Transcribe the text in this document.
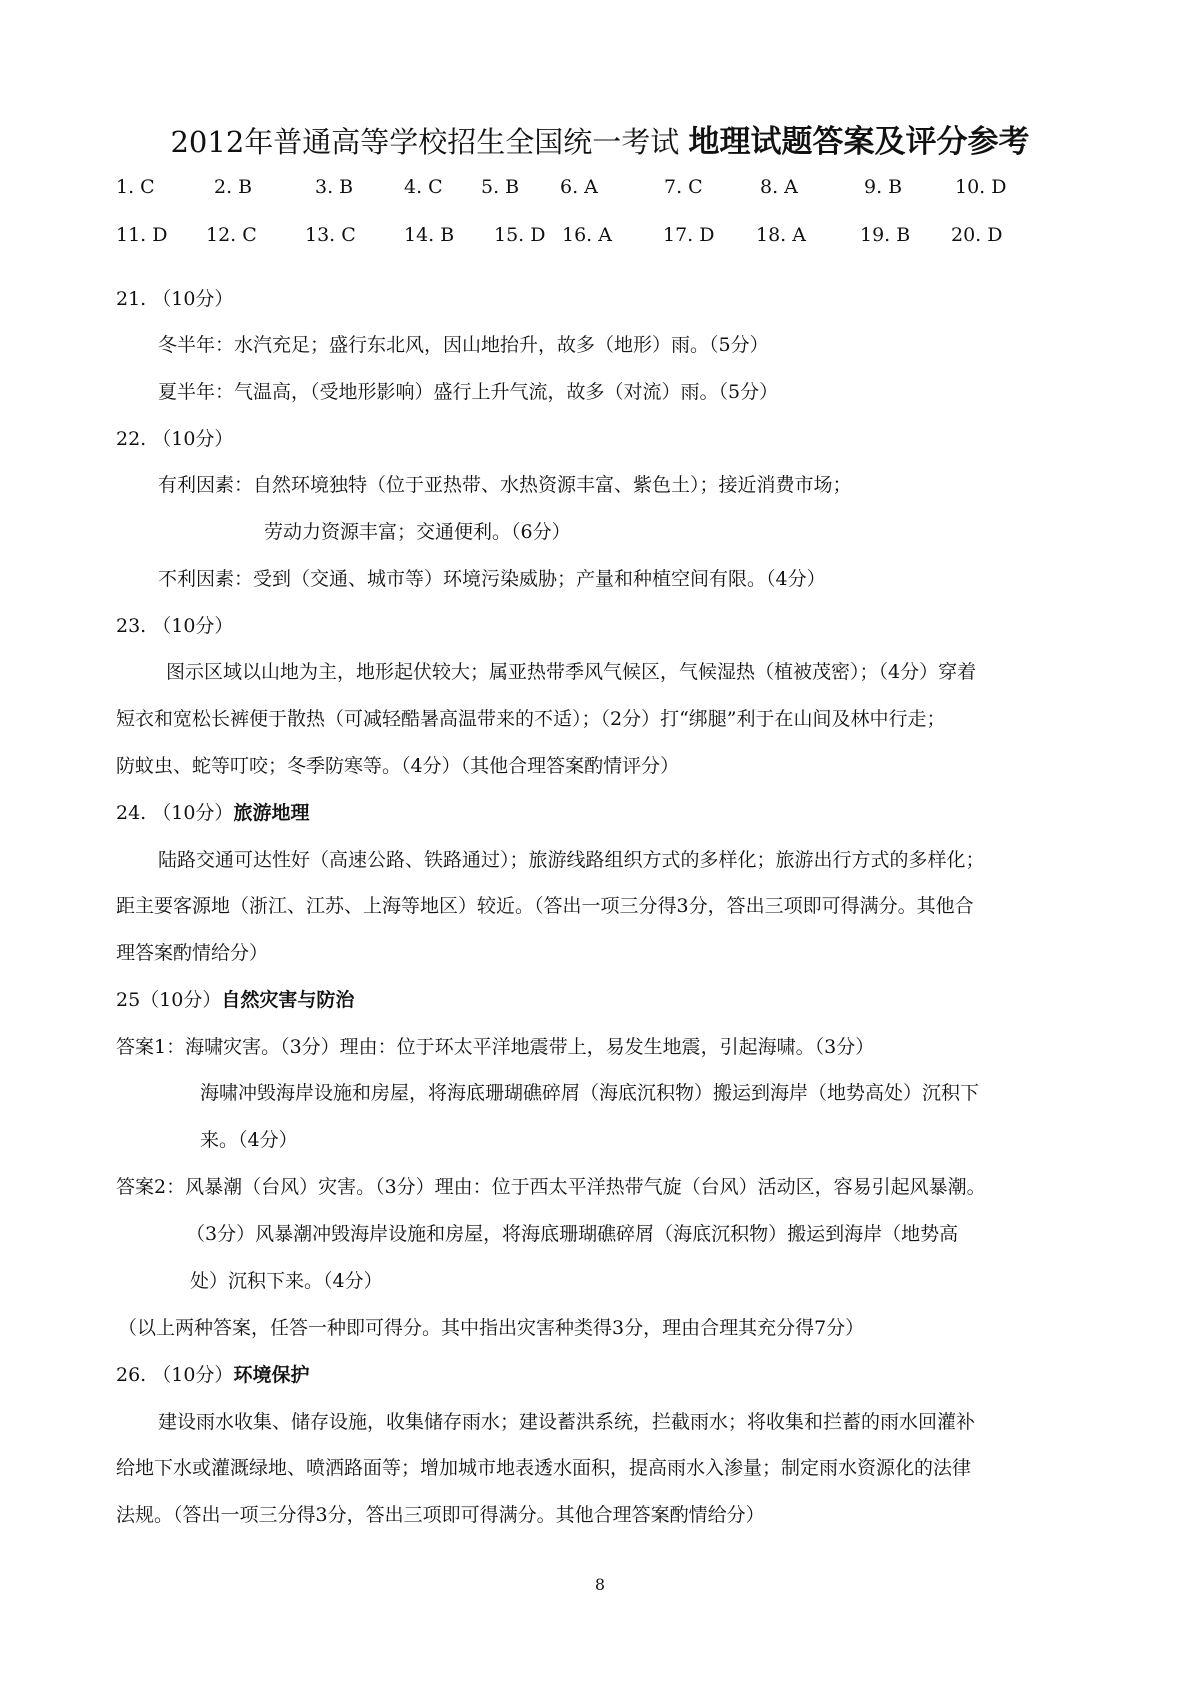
2012年普通高等学校招生全国统一考试 地理试题答案及评分参考
1. C	2. B	3. B	4. C 5. B 6. A	7. C	8. A	9. B	10. D
11. D 12. C	13. C	14. B 15. D 16. A	17. D 18. A	19. B 20. D
21. （10分）
冬半年：水汽充足；盛行东北风，因山地抬升，故多（地形）雨。（5分）
夏半年：气温高，（受地形影响）盛行上升气流，故多（对流）雨。（5分）
22. （10分）
有利因素：自然环境独特（位于亚热带、水热资源丰富、紫色土）；接近消费市场；
劳动力资源丰富；交通便利。（6分）
不利因素：受到（交通、城市等）环境污染威胁；产量和种植空间有限。（4分）
23. （10分）
图示区域以山地为主，地形起伏较大；属亚热带季风气候区，气候湿热（植被茂密）；（4分）穿着
短衣和宽松长裤便于散热（可减轻酷暑高温带来的不适）；（2分）打“绑腿”利于在山间及林中行走；
防蚊虫、蛇等叮咬；冬季防寒等。（4分）（其他合理答案酌情评分）
24. （10分）旅游地理
陆路交通可达性好（高速公路、铁路通过）；旅游线路组织方式的多样化；旅游出行方式的多样化；
距主要客源地（浙江、江苏、上海等地区）较近。（答出一项三分得3分，答出三项即可得满分。其他合
理答案酌情给分）
25（10分）自然灾害与防治
答案1：海啸灾害。（3分）理由：位于环太平洋地震带上，易发生地震，引起海啸。（3分）
海啸冲毁海岸设施和房屋，将海底珊瑚礁碎屑（海底沉积物）搬运到海岸（地势高处）沉积下
来。（4分）
答案2：风暴潮（台风）灾害。（3分）理由：位于西太平洋热带气旋（台风）活动区，容易引起风暴潮。
（3分）风暴潮冲毁海岸设施和房屋，将海底珊瑚礁碎屑（海底沉积物）搬运到海岸（地势高
处）沉积下来。（4分）
（以上两种答案，任答一种即可得分。其中指出灾害种类得3分，理由合理其充分得7分）
26. （10分）环境保护
建设雨水收集、储存设施，收集储存雨水；建设蓄洪系统，拦截雨水；将收集和拦蓄的雨水回灌补
给地下水或灌溉绿地、喷洒路面等；增加城市地表透水面积，提高雨水入渗量；制定雨水资源化的法律
法规。（答出一项三分得3分，答出三项即可得满分。其他合理答案酌情给分）
8
